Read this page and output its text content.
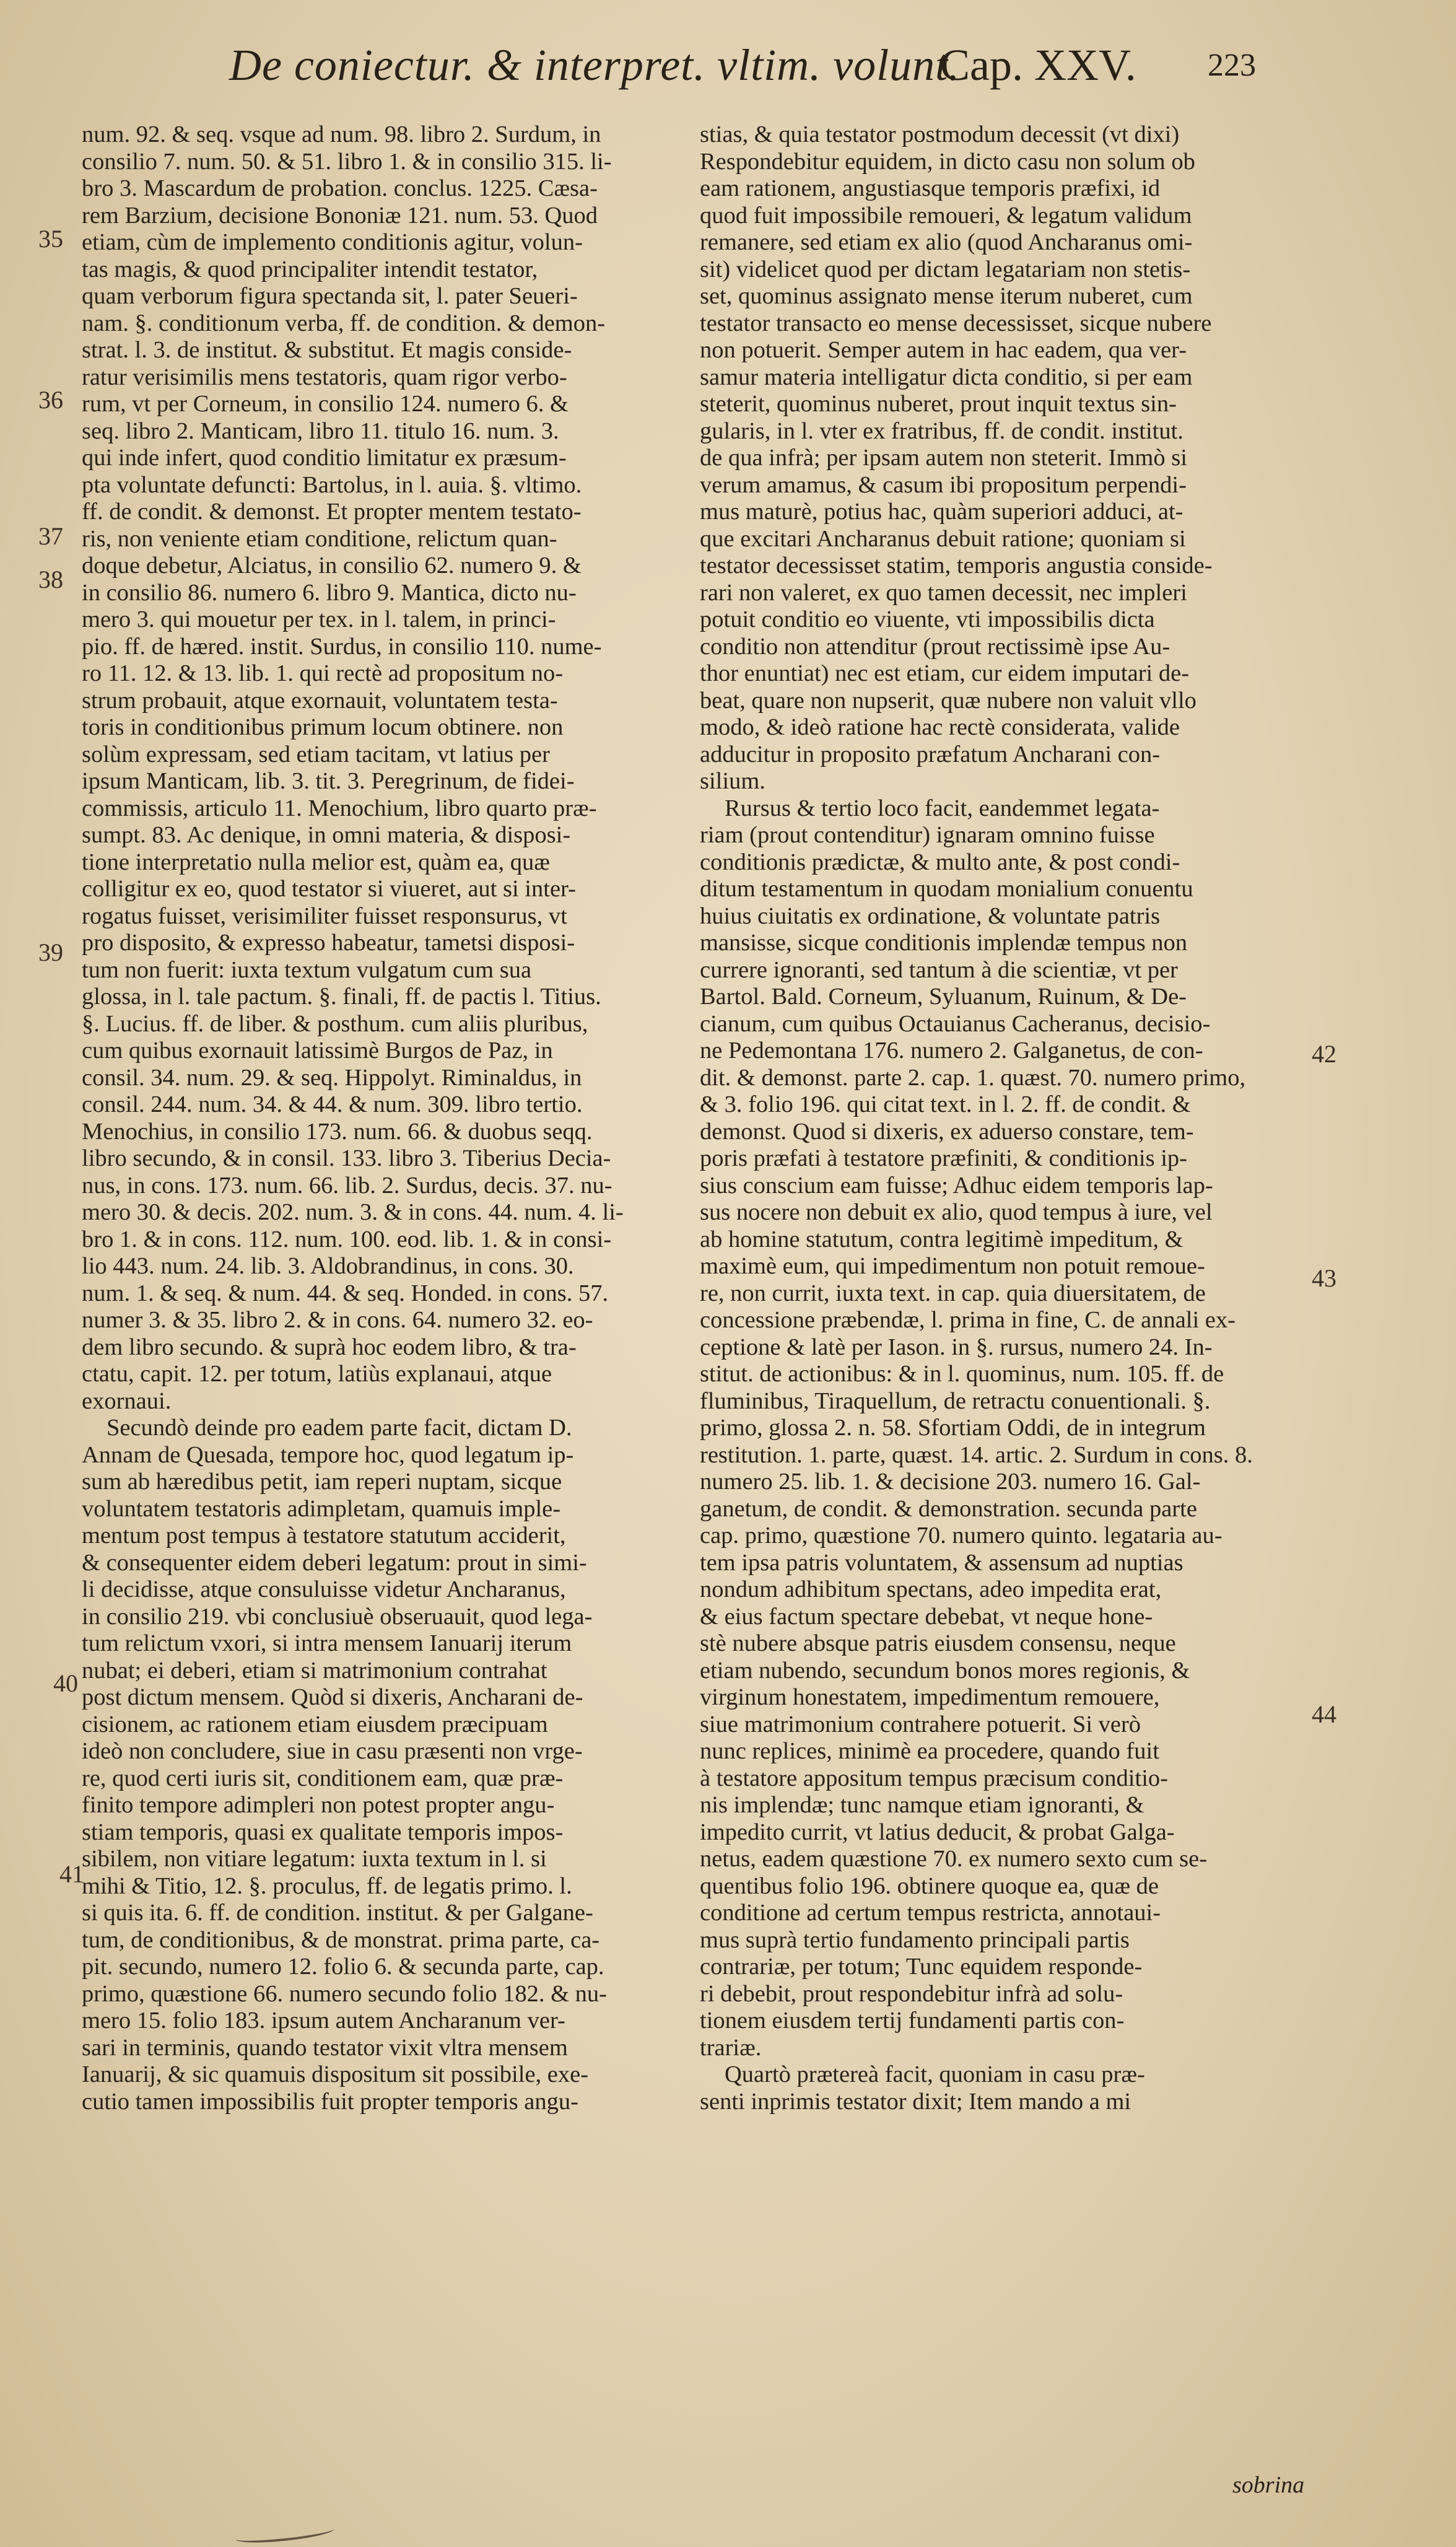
De coniectur. & interpret. vltim. volunt.
Cap. XXV. 223
num. 92. & seq. vsque ad num. 98. libro 2. Surdum, in
consilio 7. num. 50. & 51. libro 1. & in consilio 315. li-
bro 3. Mascardum de probation. conclus. 1225. Cæsa-
rem Barzium, decisione Bononiæ 121. num. 53. Quod
etiam, cùm de implemento conditionis agitur, volun-
tas magis, & quod principaliter intendit testator,
quam verborum figura spectanda sit, l. pater Seueri-
nam. §. conditionum verba, ff. de condition. & demon-
strat. l. 3. de institut. & substitut. Et magis conside-
ratur verisimilis mens testatoris, quam rigor verbo-
rum, vt per Corneum, in consilio 124. numero 6. &
seq. libro 2. Manticam, libro 11. titulo 16. num. 3.
qui inde infert, quod conditio limitatur ex præsum-
pta voluntate defuncti: Bartolus, in l. auia. §. vltimo.
ff. de condit. & demonst. Et propter mentem testato-
ris, non veniente etiam conditione, relictum quan-
doque debetur, Alciatus, in consilio 62. numero 9. &
in consilio 86. numero 6. libro 9. Mantica, dicto nu-
mero 3. qui mouetur per tex. in l. talem, in princi-
pio. ff. de hæred. instit. Surdus, in consilio 110. nume-
ro 11. 12. & 13. lib. 1. qui rectè ad propositum no-
strum probauit, atque exornauit, voluntatem testa-
toris in conditionibus primum locum obtinere. non
solùm expressam, sed etiam tacitam, vt latius per
ipsum Manticam, lib. 3. tit. 3. Peregrinum, de fidei-
commissis, articulo 11. Menochium, libro quarto præ-
sumpt. 83. Ac denique, in omni materia, & disposi-
tione interpretatio nulla melior est, quàm ea, quæ
colligitur ex eo, quod testator si viueret, aut si inter-
rogatus fuisset, verisimiliter fuisset responsurus, vt
pro disposito, & expresso habeatur, tametsi disposi-
tum non fuerit: iuxta textum vulgatum cum sua
glossa, in l. tale pactum. §. finali, ff. de pactis l. Titius.
§. Lucius. ff. de liber. & posthum. cum aliis pluribus,
cum quibus exornauit latissimè Burgos de Paz, in
consil. 34. num. 29. & seq. Hippolyt. Riminaldus, in
consil. 244. num. 34. & 44. & num. 309. libro tertio.
Menochius, in consilio 173. num. 66. & duobus seqq.
libro secundo, & in consil. 133. libro 3. Tiberius Decia-
nus, in cons. 173. num. 66. lib. 2. Surdus, decis. 37. nu-
mero 30. & decis. 202. num. 3. & in cons. 44. num. 4. li-
bro 1. & in cons. 112. num. 100. eod. lib. 1. & in consi-
lio 443. num. 24. lib. 3. Aldobrandinus, in cons. 30.
num. 1. & seq. & num. 44. & seq. Honded. in cons. 57.
numer 3. & 35. libro 2. & in cons. 64. numero 32. eo-
dem libro secundo. & suprà hoc eodem libro, & tra-
ctatu, capit. 12. per totum, latiùs explanaui, atque
exornaui.
Secundò deinde pro eadem parte facit, dictam D.
Annam de Quesada, tempore hoc, quod legatum ip-
sum ab hæredibus petit, iam reperi nuptam, sicque
voluntatem testatoris adimpletam, quamuis imple-
mentum post tempus à testatore statutum acciderit,
& consequenter eidem deberi legatum: prout in simi-
li decidisse, atque consuluisse videtur Ancharanus,
in consilio 219. vbi conclusiuè obseruauit, quod lega-
tum relictum vxori, si intra mensem Ianuarij iterum
nubat; ei deberi, etiam si matrimonium contrahat
post dictum mensem. Quòd si dixeris, Ancharani de-
cisionem, ac rationem etiam eiusdem præcipuam
ideò non concludere, siue in casu præsenti non vrge-
re, quod certi iuris sit, conditionem eam, quæ præ-
finito tempore adimpleri non potest propter angu-
stiam temporis, quasi ex qualitate temporis impos-
sibilem, non vitiare legatum: iuxta textum in l. si
mihi & Titio, 12. §. proculus, ff. de legatis primo. l.
si quis ita. 6. ff. de condition. institut. & per Galgane-
tum, de conditionibus, & de monstrat. prima parte, ca-
pit. secundo, numero 12. folio 6. & secunda parte, cap.
primo, quæstione 66. numero secundo folio 182. & nu-
mero 15. folio 183. ipsum autem Ancharanum ver-
sari in terminis, quando testator vixit vltra mensem
Ianuarij, & sic quamuis dispositum sit possibile, exe-
cutio tamen impossibilis fuit propter temporis angu-
stias, & quia testator postmodum decessit (vt dixi)
Respondebitur equidem, in dicto casu non solum ob
eam rationem, angustiasque temporis præfixi, id
quod fuit impossibile remoueri, & legatum validum
remanere, sed etiam ex alio (quod Ancharanus omi-
sit) videlicet quod per dictam legatariam non stetis-
set, quominus assignato mense iterum nuberet, cum
testator transacto eo mense decessisset, sicque nubere
non potuerit. Semper autem in hac eadem, qua ver-
samur materia intelligatur dicta conditio, si per eam
steterit, quominus nuberet, prout inquit textus sin-
gularis, in l. vter ex fratribus, ff. de condit. institut.
de qua infrà; per ipsam autem non steterit. Immò si
verum amamus, & casum ibi propositum perpendi-
mus maturè, potius hac, quàm superiori adduci, at-
que excitari Ancharanus debuit ratione; quoniam si
testator decessisset statim, temporis angustia conside-
rari non valeret, ex quo tamen decessit, nec impleri
potuit conditio eo viuente, vti impossibilis dicta
conditio non attenditur (prout rectissimè ipse Au-
thor enuntiat) nec est etiam, cur eidem imputari de-
beat, quare non nupserit, quæ nubere non valuit vllo
modo, & ideò ratione hac rectè considerata, valide
adducitur in proposito præfatum Ancharani con-
silium.
Rursus & tertio loco facit, eandemmet legata-
riam (prout contenditur) ignaram omnino fuisse
conditionis prædictæ, & multo ante, & post condi-
ditum testamentum in quodam monialium conuentu
huius ciuitatis ex ordinatione, & voluntate patris
mansisse, sicque conditionis implendæ tempus non
currere ignoranti, sed tantum à die scientiæ, vt per
Bartol. Bald. Corneum, Syluanum, Ruinum, & De-
cianum, cum quibus Octauianus Cacheranus, decisio-
ne Pedemontana 176. numero 2. Galganetus, de con-
dit. & demonst. parte 2. cap. 1. quæst. 70. numero primo,
& 3. folio 196. qui citat text. in l. 2. ff. de condit. &
demonst. Quod si dixeris, ex aduerso constare, tem-
poris præfati à testatore præfiniti, & conditionis ip-
sius conscium eam fuisse; Adhuc eidem temporis lap-
sus nocere non debuit ex alio, quod tempus à iure, vel
ab homine statutum, contra legitimè impeditum, &
maximè eum, qui impedimentum non potuit remoue-
re, non currit, iuxta text. in cap. quia diuersitatem, de
concessione præbendæ, l. prima in fine, C. de annali ex-
ceptione & latè per Iason. in §. rursus, numero 24. In-
stitut. de actionibus: & in l. quominus, num. 105. ff. de
fluminibus, Tiraquellum, de retractu conuentionali. §.
primo, glossa 2. n. 58. Sfortiam Oddi, de in integrum
restitution. 1. parte, quæst. 14. artic. 2. Surdum in cons. 8.
numero 25. lib. 1. & decisione 203. numero 16. Gal-
ganetum, de condit. & demonstration. secunda parte
cap. primo, quæstione 70. numero quinto. legataria au-
tem ipsa patris voluntatem, & assensum ad nuptias
nondum adhibitum spectans, adeo impedita erat,
& eius factum spectare debebat, vt neque hone-
stè nubere absque patris eiusdem consensu, neque
etiam nubendo, secundum bonos mores regionis, &
virginum honestatem, impedimentum remouere,
siue matrimonium contrahere potuerit. Si verò
nunc replices, minimè ea procedere, quando fuit
à testatore appositum tempus præcisum conditio-
nis implendæ; tunc namque etiam ignoranti, &
impedito currit, vt latius deducit, & probat Galga-
netus, eadem quæstione 70. ex numero sexto cum se-
quentibus folio 196. obtinere quoque ea, quæ de
conditione ad certum tempus restricta, annotaui-
mus suprà tertio fundamento principali partis
contrariæ, per totum; Tunc equidem responde-
ri debebit, prout respondebitur infrà ad solu-
tionem eiusdem tertij fundamenti partis con-
trariæ.
Quartò prætereà facit, quoniam in casu præ-
senti inprimis testator dixit; Item mando a mi
35
36
37
38
39
40
41
42
43
44
sobrina
